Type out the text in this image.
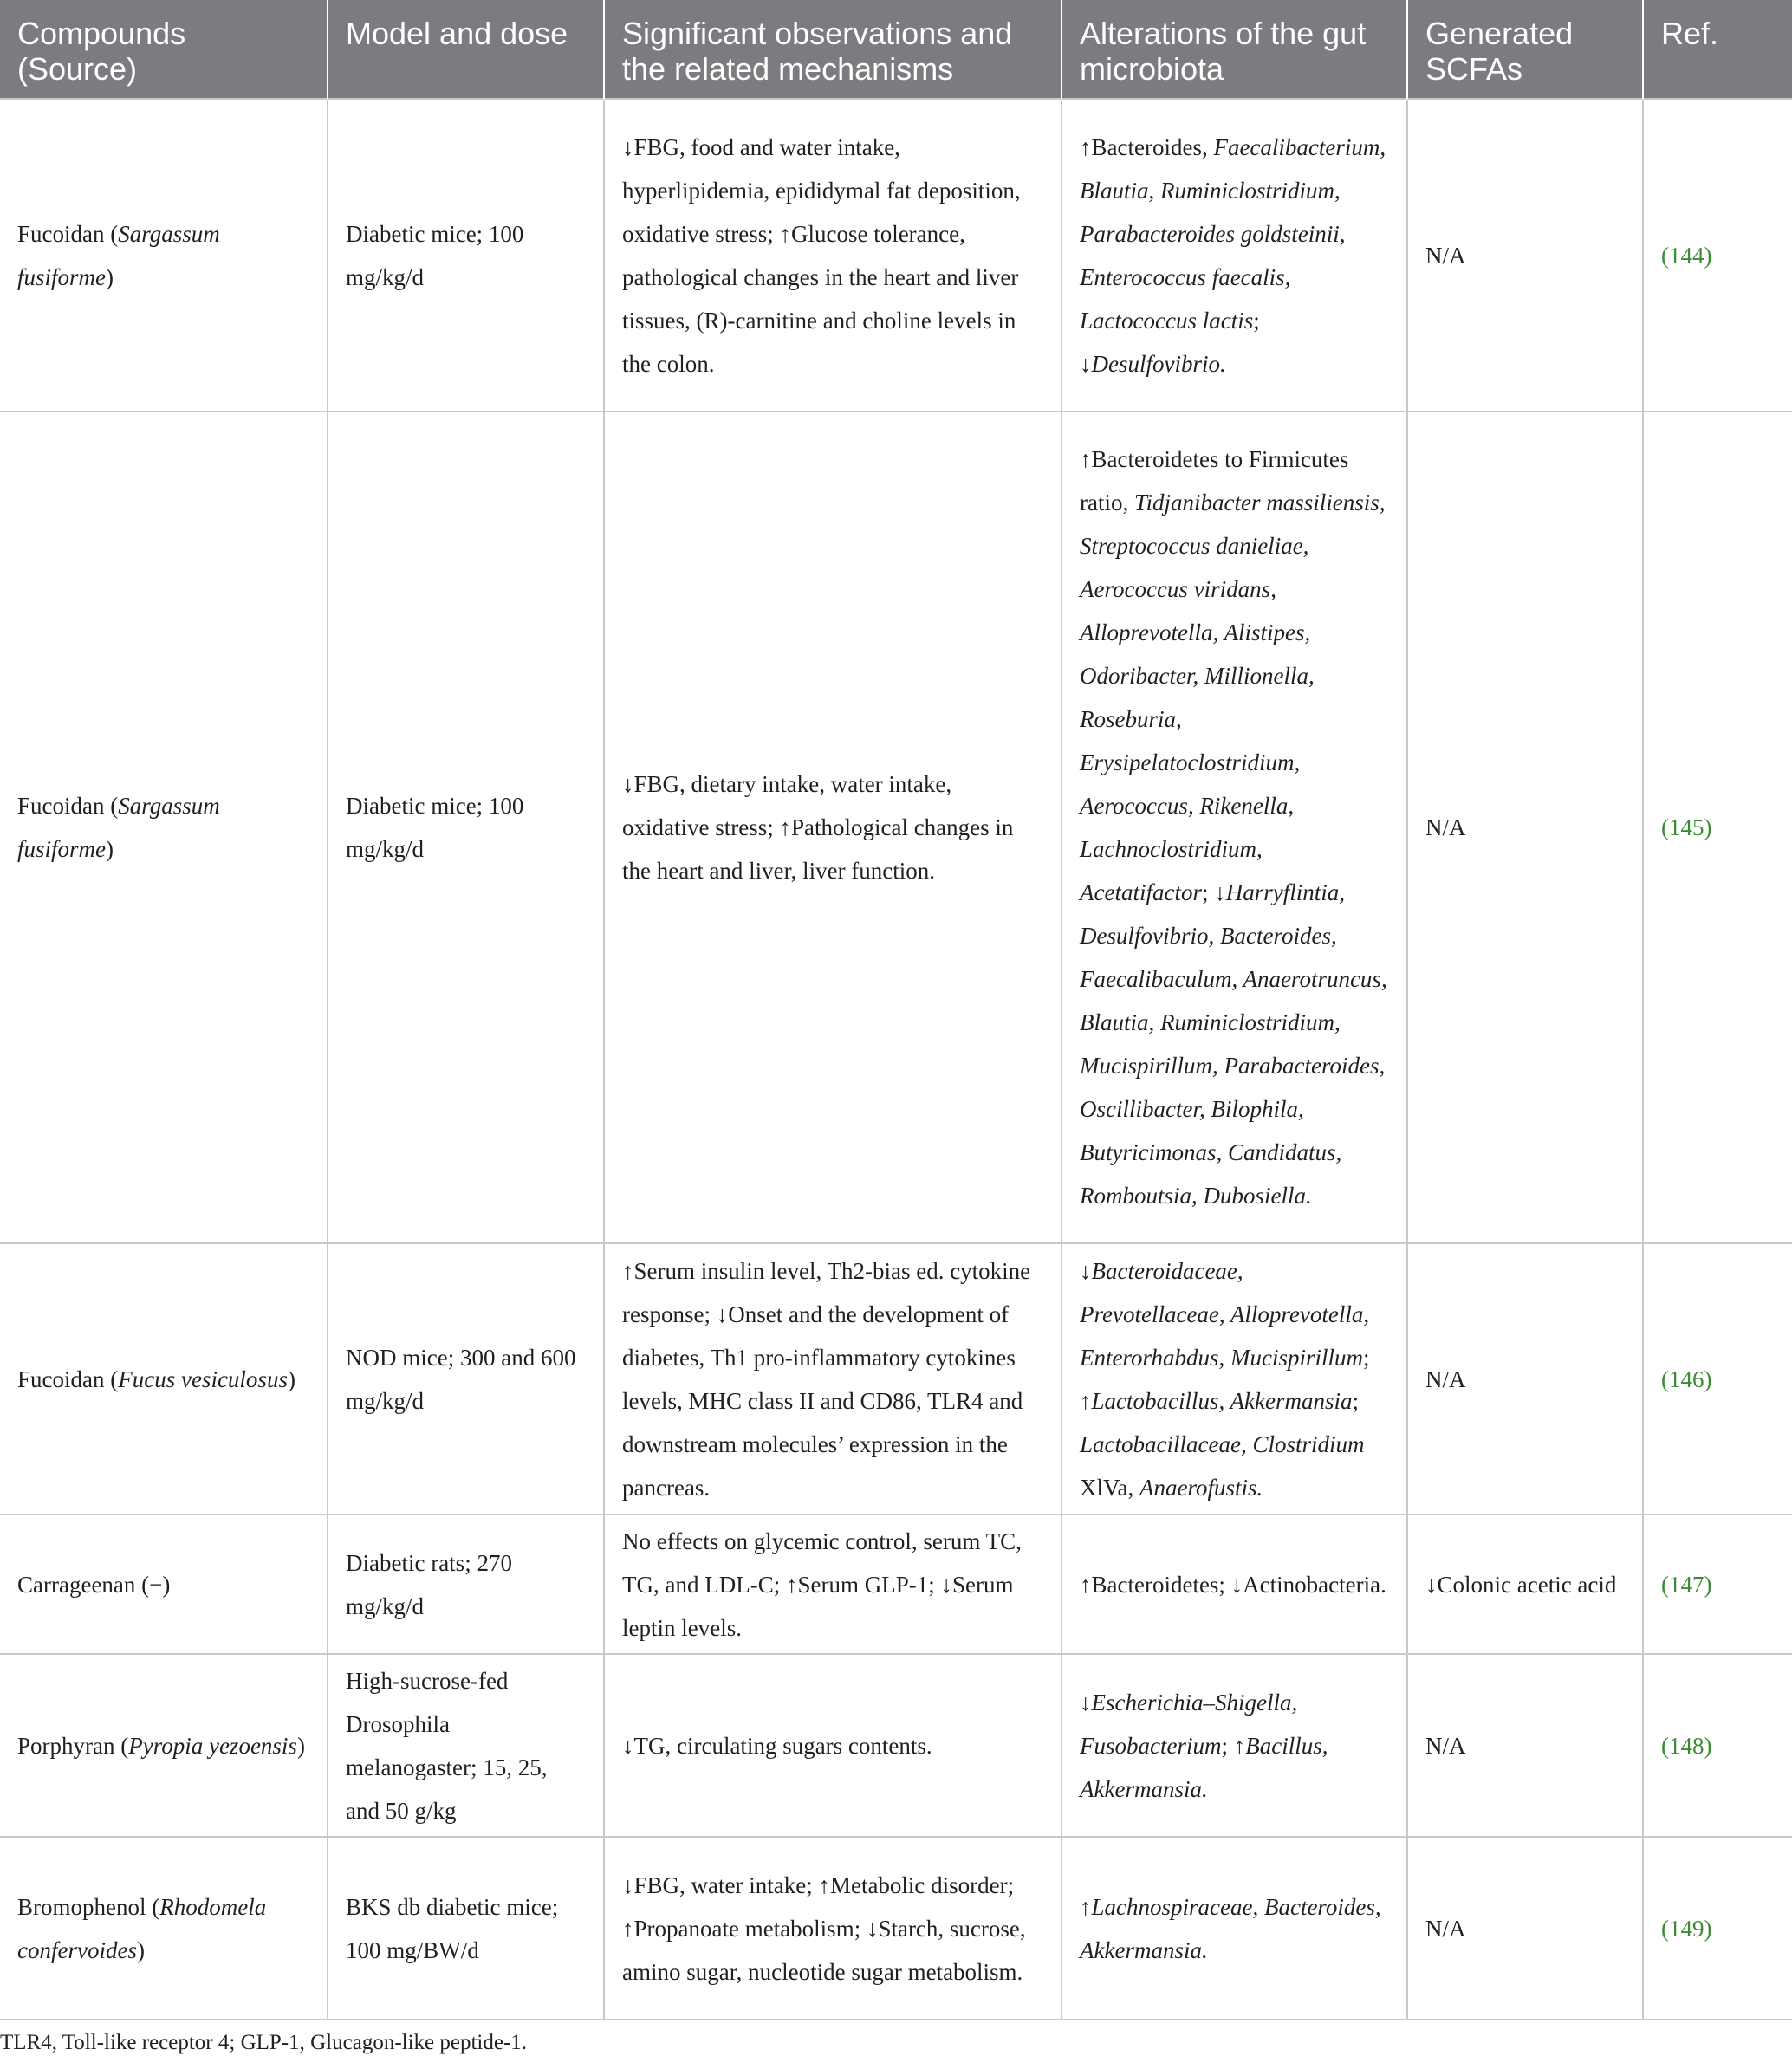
Compounds (Source)	Model and dose	Significant observations and the related mechanisms	Alterations of the gut microbiota	Generated SCFAs	Ref.
Fucoidan (Sargassum fusiforme)	Diabetic mice; 100 mg/kg/d	↓FBG, food and water intake, hyperlipidemia, epididymal fat deposition, oxidative stress; ↑Glucose tolerance, pathological changes in the heart and liver tissues, (R)-carnitine and choline levels in the colon.	↑Bacteroides, Faecalibacterium, Blautia, Ruminiclostridium, Parabacteroides goldsteinii, Enterococcus faecalis, Lactococcus lactis; ↓Desulfovibrio.	N/A	(144)
Fucoidan (Sargassum fusiforme)	Diabetic mice; 100 mg/kg/d	↓FBG, dietary intake, water intake, oxidative stress; ↑Pathological changes in the heart and liver, liver function.	↑Bacteroidetes to Firmicutes ratio, Tidjanibacter massiliensis, Streptococcus danieliae, Aerococcus viridans, Alloprevotella, Alistipes, Odoribacter, Millionella, Roseburia, Erysipelatoclostridium, Aerococcus, Rikenella, Lachnoclostridium, Acetatifactor; ↓Harryflintia, Desulfovibrio, Bacteroides, Faecalibaculum, Anaerotruncus, Blautia, Ruminiclostridium, Mucispirillum, Parabacteroides, Oscillibacter, Bilophila, Butyricimonas, Candidatus, Romboutsia, Dubosiella.	N/A	(145)
Fucoidan (Fucus vesiculosus)	NOD mice; 300 and 600 mg/kg/d	↑Serum insulin level, Th2-bias ed. cytokine response; ↓Onset and the development of diabetes, Th1 pro-inflammatory cytokines levels, MHC class II and CD86, TLR4 and downstream molecules’ expression in the pancreas.	↓Bacteroidaceae, Prevotellaceae, Alloprevotella, Enterorhabdus, Mucispirillum; ↑Lactobacillus, Akkermansia; Lactobacillaceae, Clostridium XlVa, Anaerofustis.	N/A	(146)
Carrageenan (−)	Diabetic rats; 270 mg/kg/d	No effects on glycemic control, serum TC, TG, and LDL-C; ↑Serum GLP-1; ↓Serum leptin levels.	↑Bacteroidetes; ↓Actinobacteria.	↓Colonic acetic acid	(147)
Porphyran (Pyropia yezoensis)	High-sucrose-fed Drosophila melanogaster; 15, 25, and 50 g/kg	↓TG, circulating sugars contents.	↓Escherichia–Shigella, Fusobacterium; ↑Bacillus, Akkermansia.	N/A	(148)
Bromophenol (Rhodomela confervoides)	BKS db diabetic mice; 100 mg/BW/d	↓FBG, water intake; ↑Metabolic disorder; ↑Propanoate metabolism; ↓Starch, sucrose, amino sugar, nucleotide sugar metabolism.	↑Lachnospiraceae, Bacteroides, Akkermansia.	N/A	(149)
TLR4, Toll-like receptor 4; GLP-1, Glucagon-like peptide-1.
